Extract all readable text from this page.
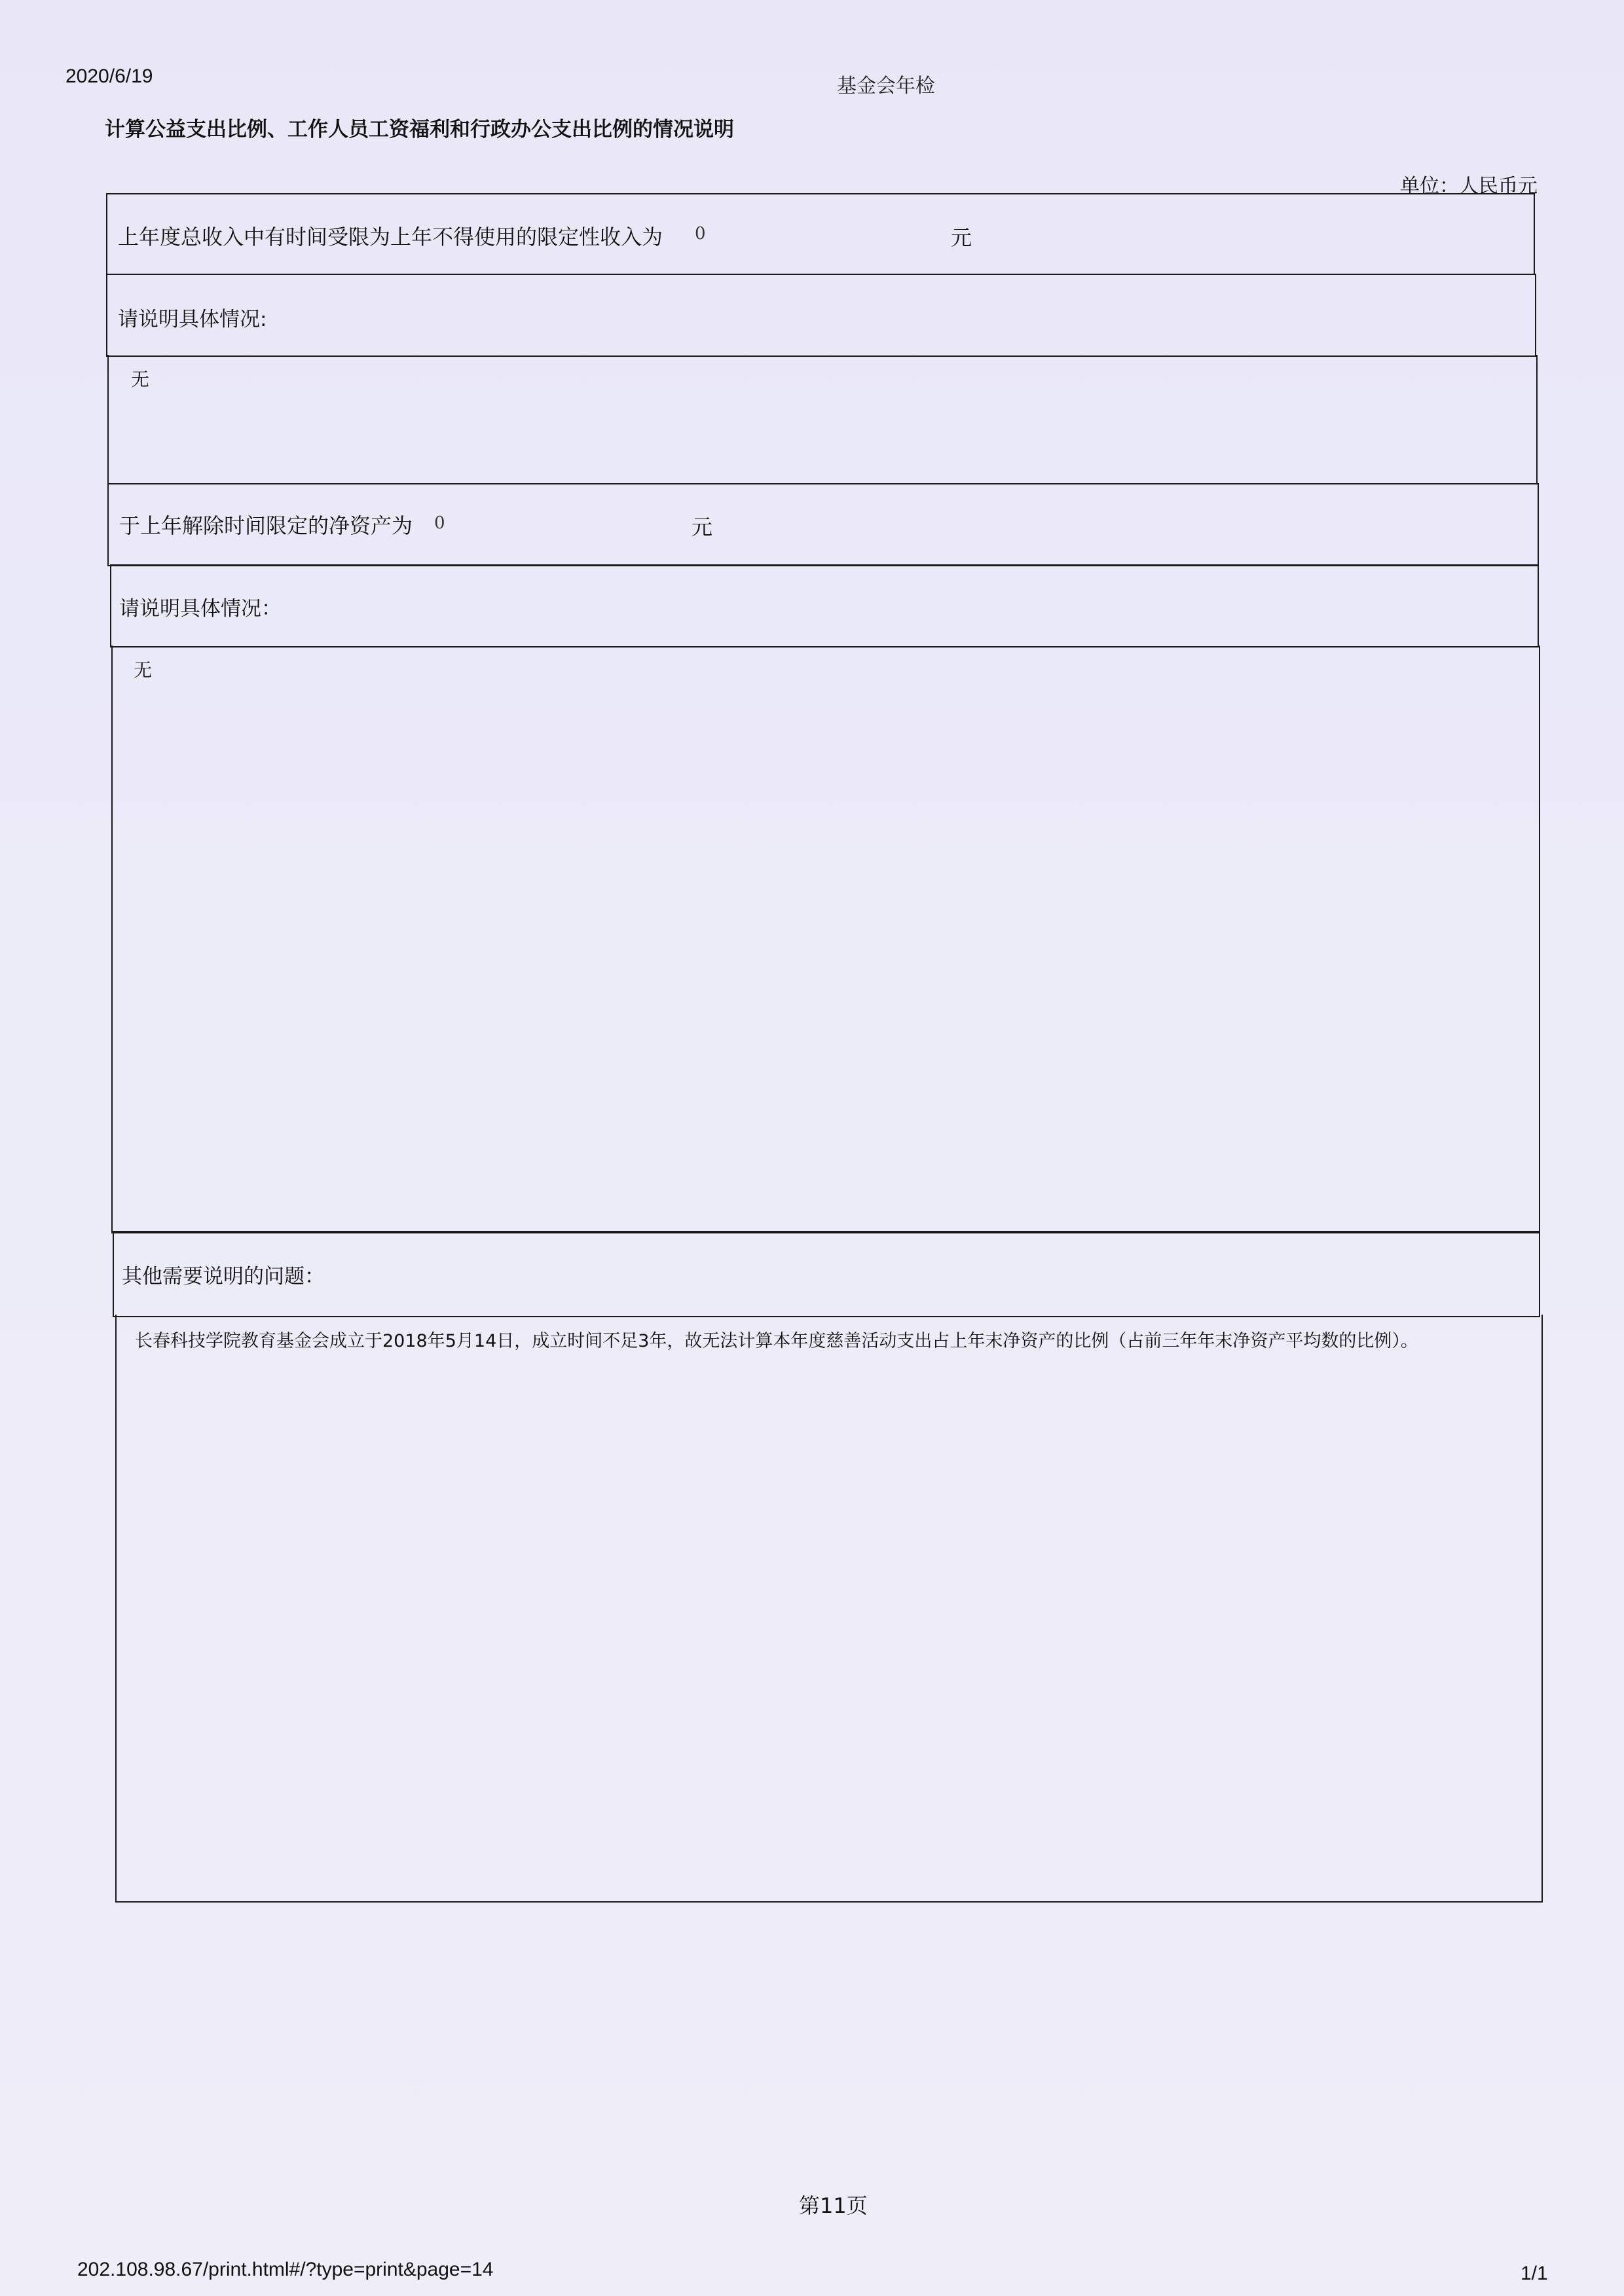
2020/6/19	基金会年检
计算公益支出比例、工作人员工资福利和行政办公支出比例的情况说明
单位：人民币元
上年度总收入中有时间受限为上年不得使用的限定性收入为 0	元
请说明具体情况:
无
于上年解除时间限定的净资产为 0	元
请说明具体情况：
无
其他需要说明的问题：
长春科技学院教育基金会成立于2018年5月14日，成立时间不足3年，故无法计算本年度慈善活动支出占上年末净资产的比例（占前三年年末净资产平均数的比例）。
第11页
202.108.98.67/print.html#/?type=print&page=14	1/1
